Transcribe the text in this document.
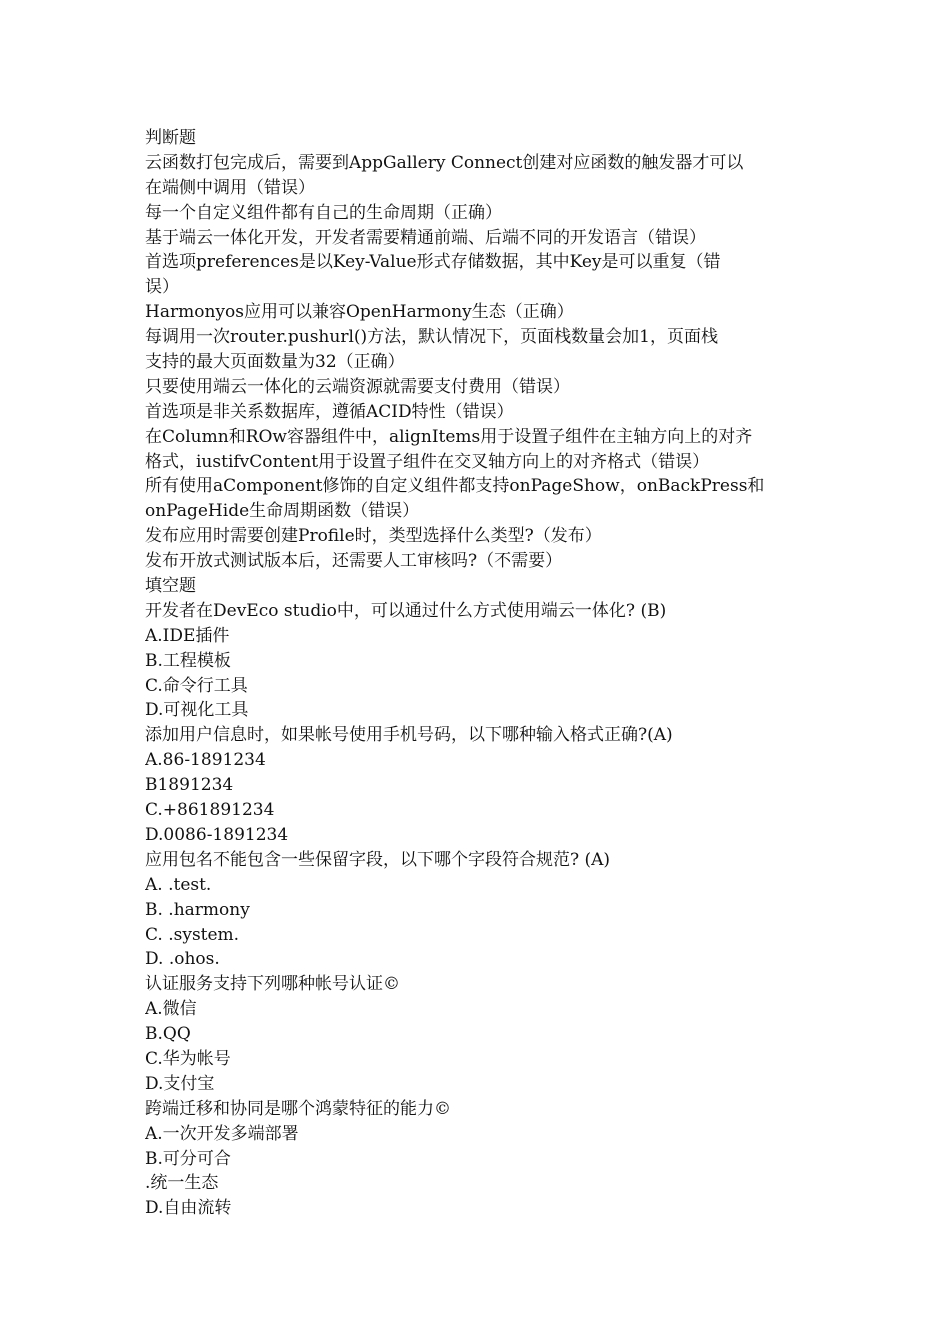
判断题
云函数打包完成后，需要到AppGallery Connect创建对应函数的触发器才可以
在端侧中调用（错误）
每一个自定义组件都有自己的生命周期（正确）
基于端云一体化开发，开发者需要精通前端、后端不同的开发语言（错误）
首选项preferences是以Key-Value形式存储数据，其中Key是可以重复（错
误）
Harmonyos应用可以兼容OpenHarmony生态（正确）
每调用一次router.pushurl()方法，默认情况下，页面栈数量会加1，页面栈
支持的最大页面数量为32（正确）
只要使用端云一体化的云端资源就需要支付费用（错误）
首选项是非关系数据库，遵循ACID特性（错误）
在Column和ROw容器组件中，alignItems用于设置子组件在主轴方向上的对齐
格式，iustifvContent用于设置子组件在交叉轴方向上的对齐格式（错误）
所有使用aComponent修饰的自定义组件都支持onPageShow，onBackPress和
onPageHide生命周期函数（错误）
发布应用时需要创建Profile时，类型选择什么类型?（发布）
发布开放式测试版本后，还需要人工审核吗?（不需要）
填空题
开发者在DevEco studio中，可以通过什么方式使用端云一体化? (B)
A.IDE插件
B.工程模板
C.命令行工具
D.可视化工具
添加用户信息时，如果帐号使用手机号码，以下哪种输入格式正确?(A)
A.86-1891234
B1891234
C.+861891234
D.0086-1891234
应用包名不能包含一些保留字段，以下哪个字段符合规范? (A)
A. .test.
B. .harmony
C. .system.
D. .ohos.
认证服务支持下列哪种帐号认证©
A.微信
B.QQ
C.华为帐号
D.支付宝
跨端迁移和协同是哪个鸿蒙特征的能力©
A.一次开发多端部署
B.可分可合
.统一生态
D.自由流转
